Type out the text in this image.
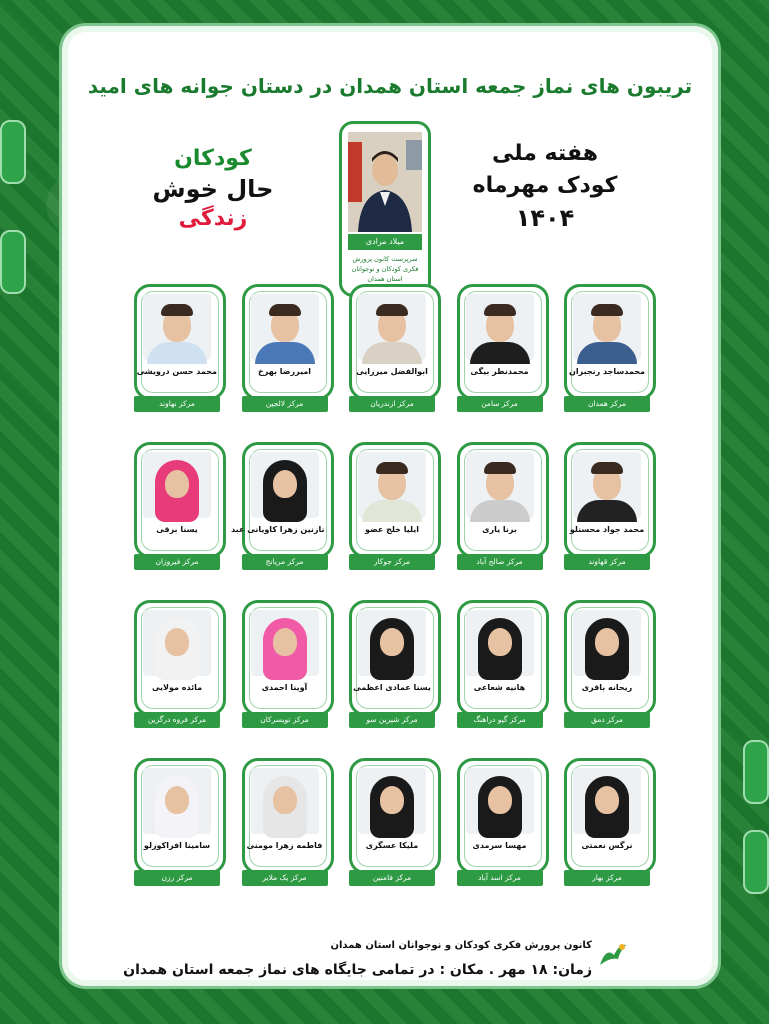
تریبون های نماز جمعه استان همدان در دستان جوانه های امید
کودکان
حال خوش
زندگی
هفته ملی
کودک مهرماه
۱۴۰۴
میلاد مرادی
سرپرست کانون پرورش فکری کودکان و نوجوانان استان همدان
محمدساجد رنجبران
مرکز همدان
محمدنظر بیگی
مرکز سامن
ابوالفضل میرزایی
مرکز ازندریان
امیررضا بهرخ
مرکز لالجین
محمد حسن درویشی
مرکز نهاوند
محمد جواد محسنلو
مرکز قهاوند
برنا یاری
مرکز صالح آباد
ایلیا خلج عضو
مرکز جوکار
نازنین زهرا کاویانی عبد
مرکز مریانج
یسنا برقی
مرکز فیروزان
ریحانه باقری
مرکز دمق
هانیه شعاعی
مرکز گیو دراهنگ
یسنا عمادی اعظمی
مرکز شیرین سو
آوینا احمدی
مرکز تویسرکان
مائده مولایی
مرکز فروه درگزین
نرگس نعمتی
مرکز بهار
مهسا سرمدی
مرکز اسد آباد
ملیکا عسگری
مرکز فامنین
فاطمه زهرا مومنی
مرکز یک ملایر
سامینا افراکوزلو
مرکز رزن
کانون پرورش فکری کودکان و نوجوانان استان همدان
زمان: ۱۸ مهر . مکان : در تمامی جایگاه های نماز جمعه استان همدان
